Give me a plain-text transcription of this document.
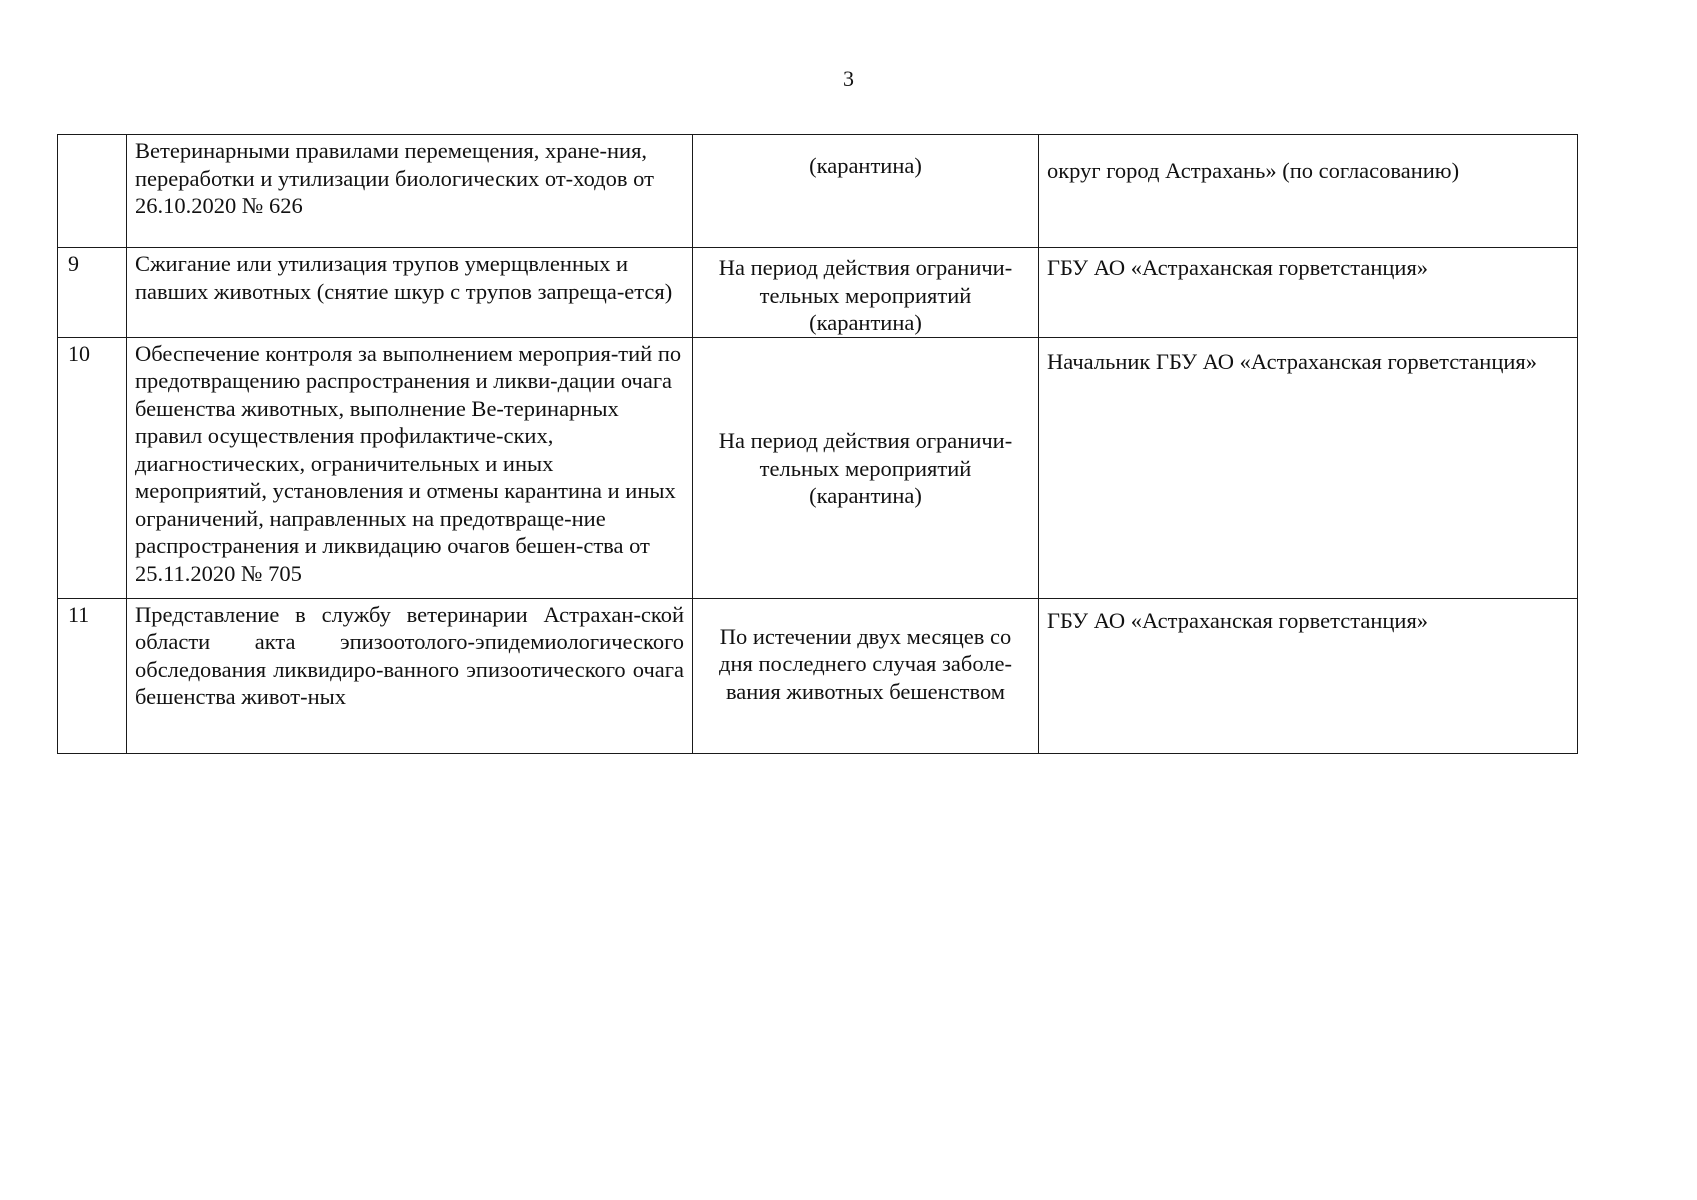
3
	Ветеринарными правилами перемещения, хране-ния, переработки и утилизации биологических от-ходов от 26.10.2020 № 626	(карантина)	округ город Астрахань» (по согласованию)
9	Сжигание или утилизация трупов умерщвленных и павших животных (снятие шкур с трупов запреща-ется)	На период действия ограничи-тельных мероприятий (карантина)	ГБУ АО «Астраханская горветстанция»
10	Обеспечение контроля за выполнением мероприя-тий по предотвращению распространения и ликви-дации очага бешенства животных, выполнение Ве-теринарных правил осуществления профилактиче-ских, диагностических, ограничительных и иных мероприятий, установления и отмены карантина и иных ограничений, направленных на предотвраще-ние распространения и ликвидацию очагов бешен-ства от 25.11.2020 № 705	На период действия ограничи-тельных мероприятий (карантина)	Начальник ГБУ АО «Астраханская горветстанция»
11	Представление в службу ветеринарии Астрахан-ской области акта эпизоотолого-эпидемиологического обследования ликвидиро-ванного эпизоотического очага бешенства живот-ных	По истечении двух месяцев со дня последнего случая заболе-вания животных бешенством	ГБУ АО «Астраханская горветстанция»
